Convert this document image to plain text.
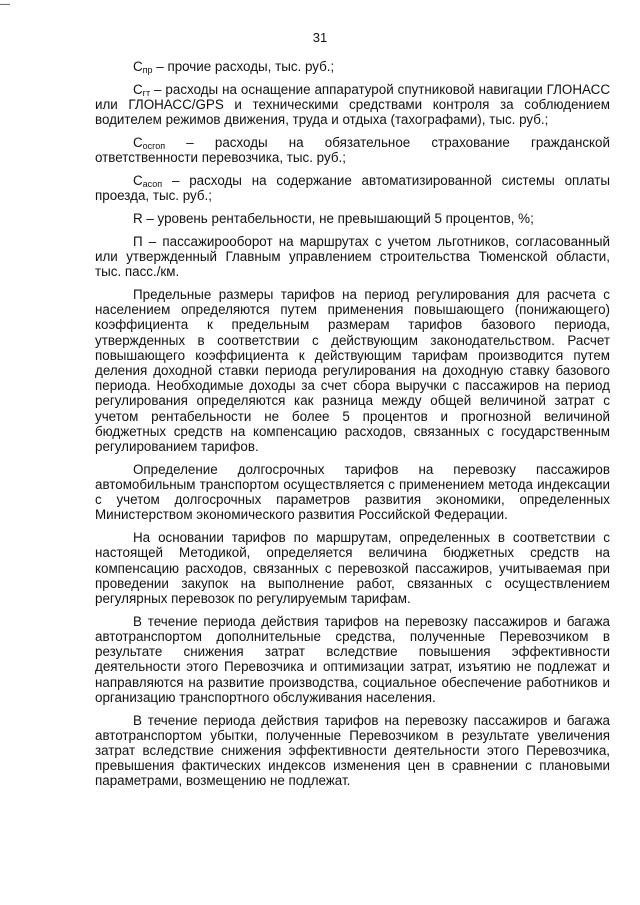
—
31

$C_{пр}$ – прочие расходы, тыс. руб.;

$C_{гт}$ – расходы на оснащение аппаратурой спутниковой навигации ГЛОНАСС или ГЛОНАСС/GPS и техническими средствами контроля за соблюдением водителем режимов движения, труда и отдыха (тахографами), тыс. руб.;

$C_{осгоп}$ – расходы на обязательное страхование гражданской ответственности перевозчика, тыс. руб.;

$C_{асоп}$ – расходы на содержание автоматизированной системы оплаты проезда, тыс. руб.;

R – уровень рентабельности, не превышающий 5 процентов, %;

П – пассажирооборот на маршрутах с учетом льготников, согласованный или утвержденный Главным управлением строительства Тюменской области, тыс. пасс./км.

Предельные размеры тарифов на период регулирования для расчета с населением определяются путем применения повышающего (понижающего) коэффициента к предельным размерам тарифов базового периода, утвержденных в соответствии с действующим законодательством. Расчет повышающего коэффициента к действующим тарифам производится путем деления доходной ставки периода регулирования на доходную ставку базового периода. Необходимые доходы за счет сбора выручки с пассажиров на период регулирования определяются как разница между общей величиной затрат с учетом рентабельности не более 5 процентов и прогнозной величиной бюджетных средств на компенсацию расходов, связанных с государственным регулированием тарифов.

Определение долгосрочных тарифов на перевозку пассажиров автомобильным транспортом осуществляется с применением метода индексации с учетом долгосрочных параметров развития экономики, определенных Министерством экономического развития Российской Федерации.

На основании тарифов по маршрутам, определенных в соответствии с настоящей Методикой, определяется величина бюджетных средств на компенсацию расходов, связанных с перевозкой пассажиров, учитываемая при проведении закупок на выполнение работ, связанных с осуществлением регулярных перевозок по регулируемым тарифам.

В течение периода действия тарифов на перевозку пассажиров и багажа автотранспортом дополнительные средства, полученные Перевозчиком в результате снижения затрат вследствие повышения эффективности деятельности этого Перевозчика и оптимизации затрат, изъятию не подлежат и направляются на развитие производства, социальное обеспечение работников и организацию транспортного обслуживания населения.

В течение периода действия тарифов на перевозку пассажиров и багажа автотранспортом убытки, полученные Перевозчиком в результате увеличения затрат вследствие снижения эффективности деятельности этого Перевозчика, превышения фактических индексов изменения цен в сравнении с плановыми параметрами, возмещению не подлежат.
